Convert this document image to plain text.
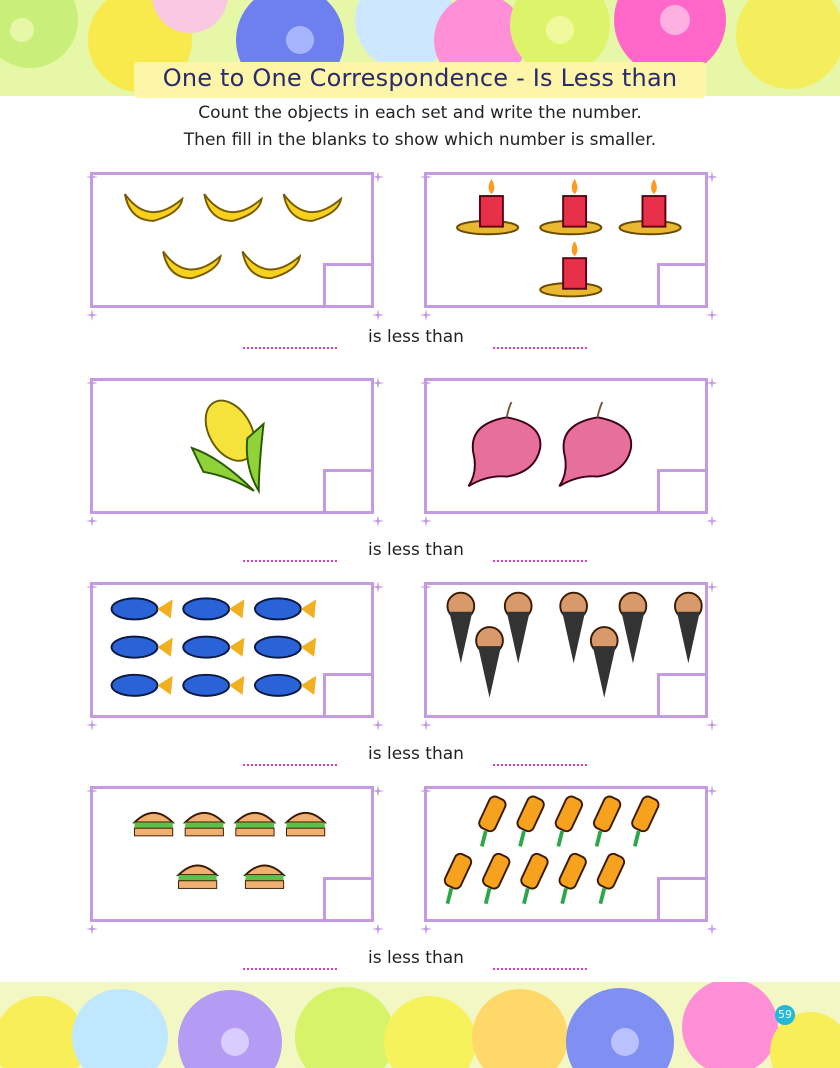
One to One Correspondence - Is Less than
Count the objects in each set and write the number.
Then fill in the blanks to show which number is smaller.
is less than
is less than
is less than
is less than
59
